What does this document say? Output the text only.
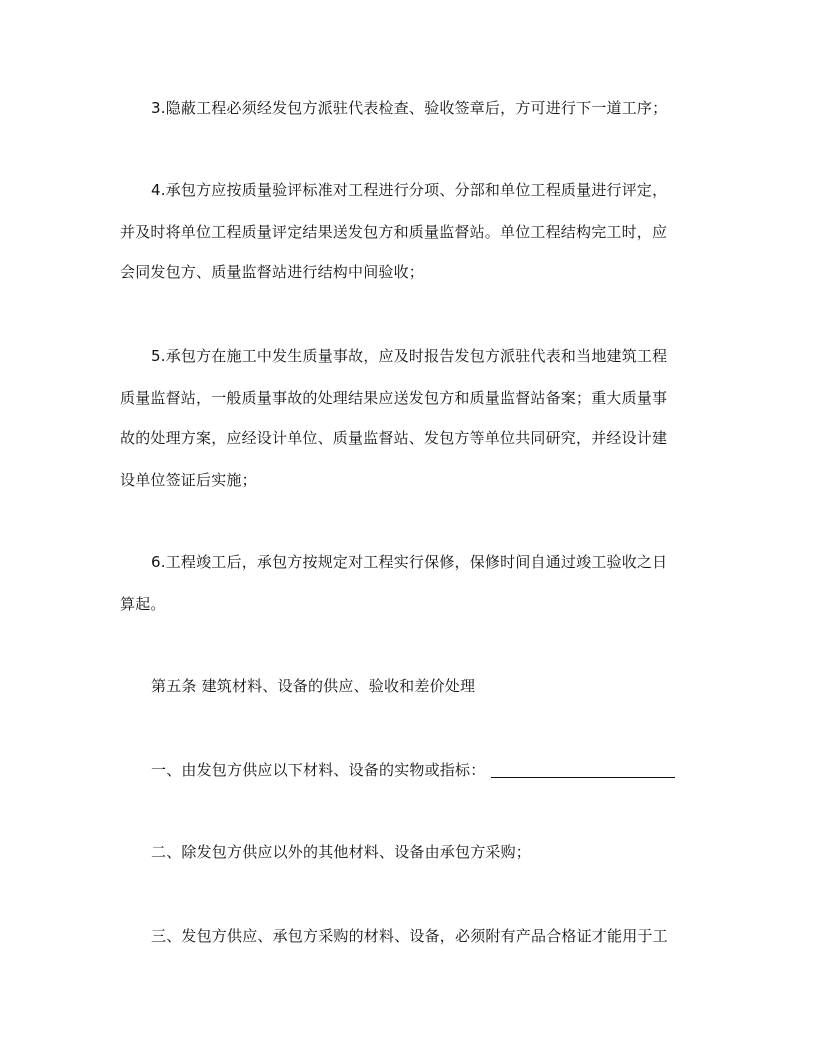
3.隐蔽工程必须经发包方派驻代表检查、验收签章后，方可进行下一道工序；
4.承包方应按质量验评标准对工程进行分项、分部和单位工程质量进行评定，
并及时将单位工程质量评定结果送发包方和质量监督站。单位工程结构完工时，应
会同发包方、质量监督站进行结构中间验收；
5.承包方在施工中发生质量事故，应及时报告发包方派驻代表和当地建筑工程
质量监督站，一般质量事故的处理结果应送发包方和质量监督站备案；重大质量事
故的处理方案，应经设计单位、质量监督站、发包方等单位共同研究，并经设计建
设单位签证后实施；
6.工程竣工后，承包方按规定对工程实行保修，保修时间自通过竣工验收之日
算起。
第五条 建筑材料、设备的供应、验收和差价处理
一、由发包方供应以下材料、设备的实物或指标：
二、除发包方供应以外的其他材料、设备由承包方采购；
三、发包方供应、承包方采购的材料、设备，必须附有产品合格证才能用于工
